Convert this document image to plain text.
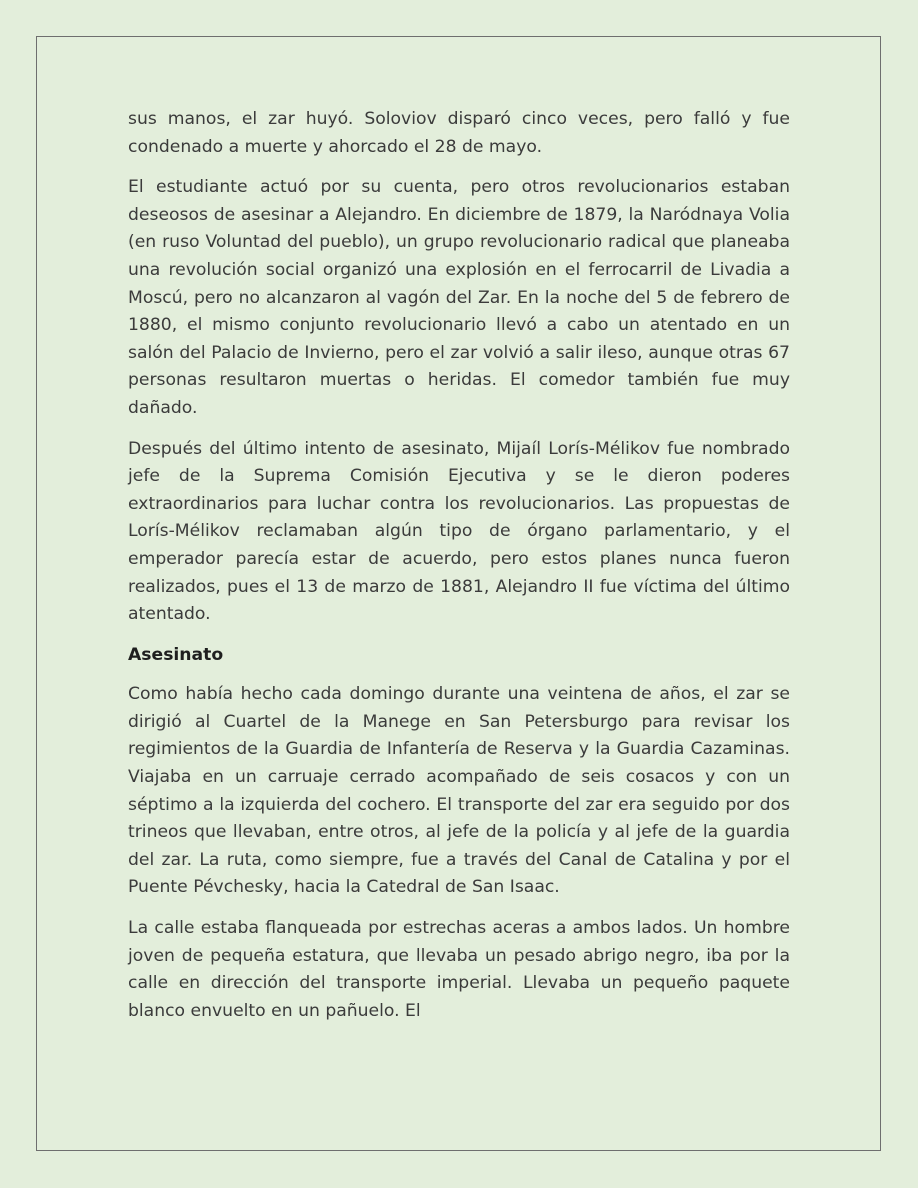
sus manos, el zar huyó. Soloviov disparó cinco veces, pero falló y fue condenado a muerte y ahorcado el 28 de mayo.

El estudiante actuó por su cuenta, pero otros revolucionarios estaban deseosos de asesinar a Alejandro. En diciembre de 1879, la Naródnaya Volia (en ruso Voluntad del pueblo), un grupo revolucionario radical que planeaba una revolución social organizó una explosión en el ferrocarril de Livadia a Moscú, pero no alcanzaron al vagón del Zar. En la noche del 5 de febrero de 1880, el mismo conjunto revolucionario llevó a cabo un atentado en un salón del Palacio de Invierno, pero el zar volvió a salir ileso, aunque otras 67 personas resultaron muertas o heridas. El comedor también fue muy dañado.

Después del último intento de asesinato, Mijaíl Lorís-Mélikov fue nombrado jefe de la Suprema Comisión Ejecutiva y se le dieron poderes extraordinarios para luchar contra los revolucionarios. Las propuestas de Lorís-Mélikov reclamaban algún tipo de órgano parlamentario, y el emperador parecía estar de acuerdo, pero estos planes nunca fueron realizados, pues el 13 de marzo de 1881, Alejandro II fue víctima del último atentado.

Asesinato

Como había hecho cada domingo durante una veintena de años, el zar se dirigió al Cuartel de la Manege en San Petersburgo para revisar los regimientos de la Guardia de Infantería de Reserva y la Guardia Cazaminas. Viajaba en un carruaje cerrado acompañado de seis cosacos y con un séptimo a la izquierda del cochero. El transporte del zar era seguido por dos trineos que llevaban, entre otros, al jefe de la policía y al jefe de la guardia del zar. La ruta, como siempre, fue a través del Canal de Catalina y por el Puente Pévchesky, hacia la Catedral de San Isaac.

La calle estaba flanqueada por estrechas aceras a ambos lados. Un hombre joven de pequeña estatura, que llevaba un pesado abrigo negro, iba por la calle en dirección del transporte imperial. Llevaba un pequeño paquete blanco envuelto en un pañuelo. El
